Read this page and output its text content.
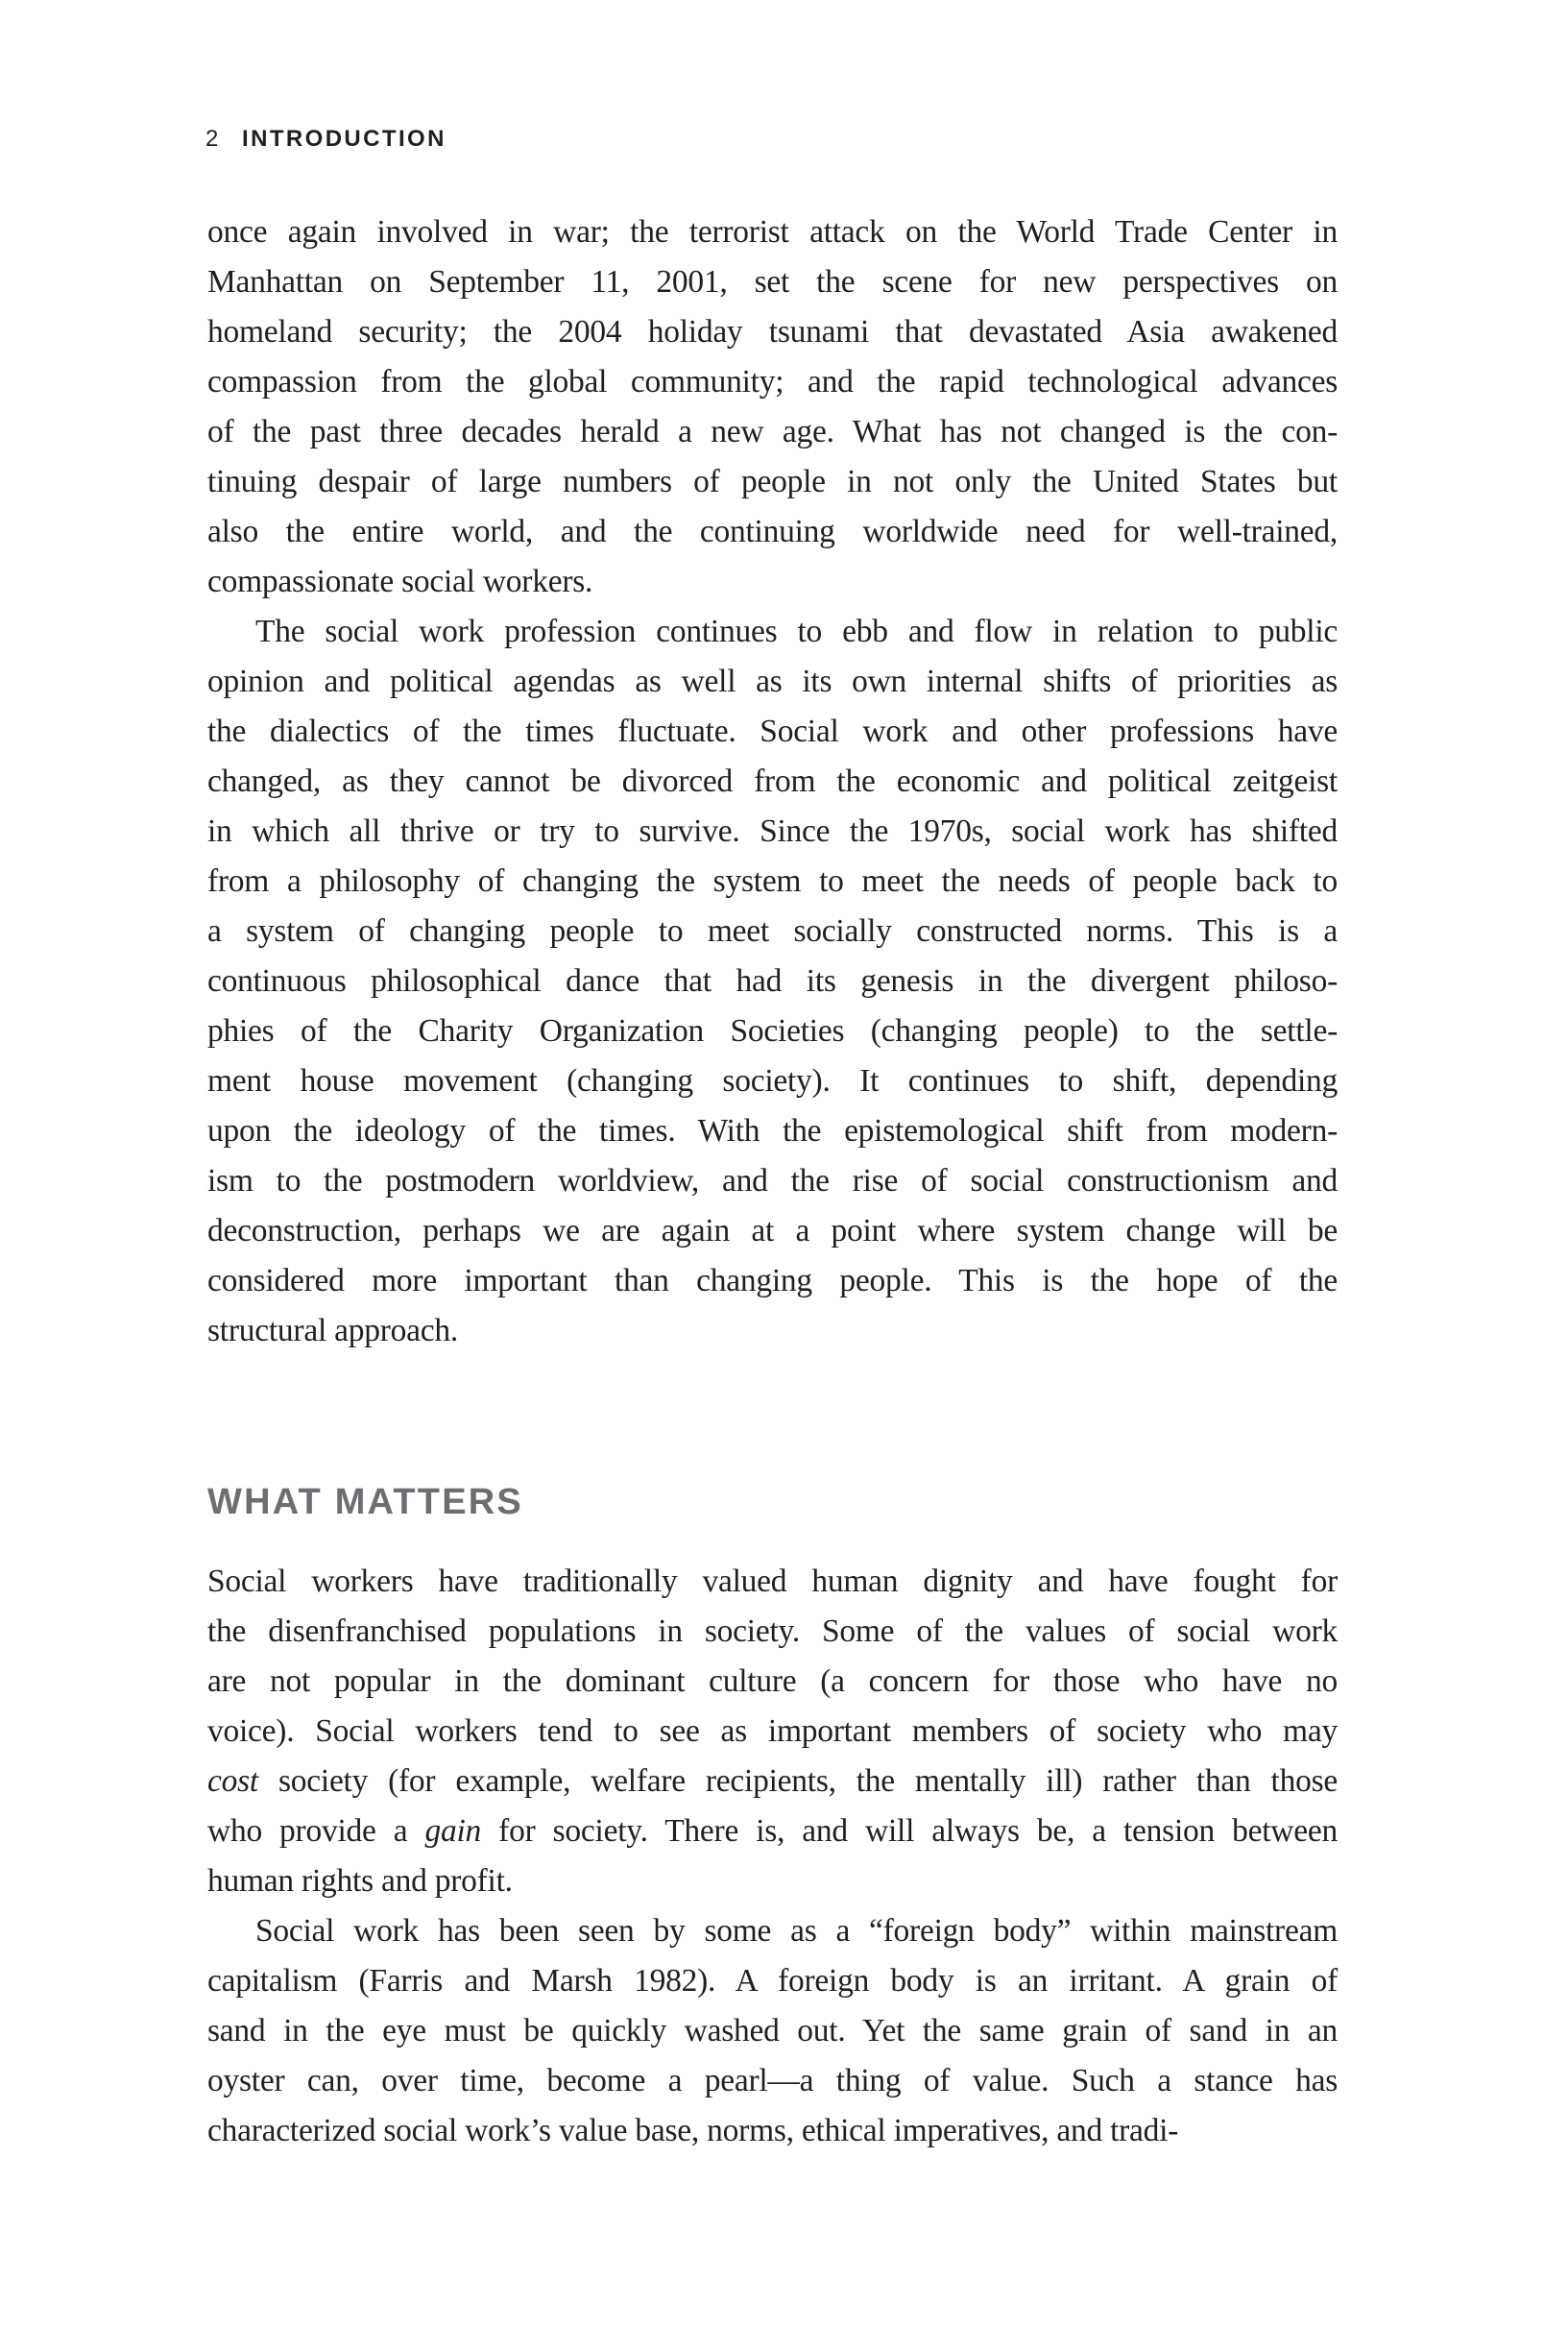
2 INTRODUCTION
once again involved in war; the terrorist attack on the World Trade Center in
Manhattan on September 11, 2001, set the scene for new perspectives on
homeland security; the 2004 holiday tsunami that devastated Asia awakened
compassion from the global community; and the rapid technological advances
of the past three decades herald a new age. What has not changed is the con-
tinuing despair of large numbers of people in not only the United States but
also the entire world, and the continuing worldwide need for well-trained,
compassionate social workers.
The social work profession continues to ebb and flow in relation to public
opinion and political agendas as well as its own internal shifts of priorities as
the dialectics of the times fluctuate. Social work and other professions have
changed, as they cannot be divorced from the economic and political zeitgeist
in which all thrive or try to survive. Since the 1970s, social work has shifted
from a philosophy of changing the system to meet the needs of people back to
a system of changing people to meet socially constructed norms. This is a
continuous philosophical dance that had its genesis in the divergent philoso-
phies of the Charity Organization Societies (changing people) to the settle-
ment house movement (changing society). It continues to shift, depending
upon the ideology of the times. With the epistemological shift from modern-
ism to the postmodern worldview, and the rise of social constructionism and
deconstruction, perhaps we are again at a point where system change will be
considered more important than changing people. This is the hope of the
structural approach.
WHAT MATTERS
Social workers have traditionally valued human dignity and have fought for
the disenfranchised populations in society. Some of the values of social work
are not popular in the dominant culture (a concern for those who have no
voice). Social workers tend to see as important members of society who may
cost society (for example, welfare recipients, the mentally ill) rather than those
who provide a gain for society. There is, and will always be, a tension between
human rights and profit.
Social work has been seen by some as a “foreign body” within mainstream
capitalism (Farris and Marsh 1982). A foreign body is an irritant. A grain of
sand in the eye must be quickly washed out. Yet the same grain of sand in an
oyster can, over time, become a pearl—a thing of value. Such a stance has
characterized social work’s value base, norms, ethical imperatives, and tradi-
